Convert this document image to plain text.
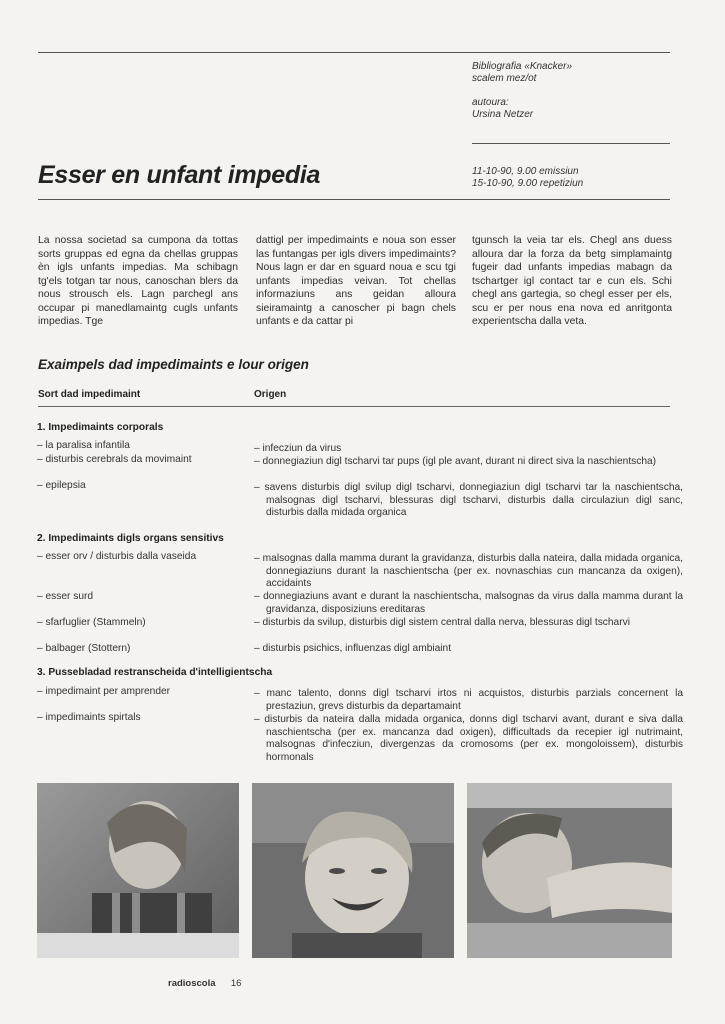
Bibliografia «Knacker»
scalem mez/ot
autoura:
Ursina Netzer
Esser en unfant impedia	11-10-90, 9.00 emissiun
15-10-90, 9.00 repetiziun
La nossa societad sa cumpona da tottas sorts gruppas ed egna da chellas gruppas èn igls unfants impedias. Ma schibagn tg'els totgan tar nous, canoschan blers da nous strousch els. Lagn parchegl ans occupar pi manedlamaintg cugls unfants impedias. Tge
dattigl per impedimaints e noua son esser las funtangas per igls divers impedimaints? Nous lagn er dar en sguard noua e scu tgi unfants impedias veivan. Tot chellas informaziuns ans geidan alloura sieiramaintg a canoscher pi bagn chels unfants e da cattar pi
tgunsch la veia tar els. Chegl ans duess alloura dar la forza da betg simplamaintg fugeir dad unfants impedias mabagn da tschartger igl contact tar e cun els. Schi chegl ans gartegia, so chegl esser per els, scu er per nous ena nova ed anritgonta experientscha dalla veta.
Exaimpels dad impedimaints e lour origen
Sort dad impedimaint	Origen
1. Impedimaints corporals
– la paralisa infantila	– infecziun da virus
– disturbis cerebrals da movimaint	– donnegiaziun digl tscharvi tar pups (igl ple avant, durant ni direct siva la naschientscha)
– epilepsia	– savens disturbis digl svilup digl tscharvi, donnegiaziun digl tscharvi tar la naschientscha, malsognas digl tscharvi, blessuras digl tscharvi, disturbis dalla circulaziun digl sanc, disturbis dalla midada organica
2. Impedimaints digls organs sensitivs
– esser orv / disturbis dalla vaseida	– malsognas dalla mamma durant la gravidanza, disturbis dalla nateira, dalla midada organica, donnegiaziuns durant la naschientscha (per ex. novnaschias cun mancanza da oxigen), accidaints
– esser surd	– donnegiaziuns avant e durant la naschientscha, malsognas da virus dalla mamma durant la gravidanza, disposiziuns ereditaras
– sfarfuglier (Stammeln)	– disturbis da svilup, disturbis digl sistem central dalla nerva, blessuras digl tscharvi
– balbager (Stottern)	– disturbis psichics, influenzas digl ambiaint
3. Pussebladad restranscheida d'intelligientscha
– impedimaint per amprender	– manc talento, donns digl tscharvi irtos ni acquistos, disturbis parzials concernent la prestaziun, grevs disturbis da departamaint
– impedimaints spirtals	– disturbis da nateira dalla midada organica, donns digl tscharvi avant, durant e siva dalla naschientscha (per ex. mancanza dad oxigen), difficultads da recepier igl nutrimaint, malsognas d'infecziun, divergenzas da cromosoms (per ex. mongoloissem), disturbis hormonals
radioscola 16
